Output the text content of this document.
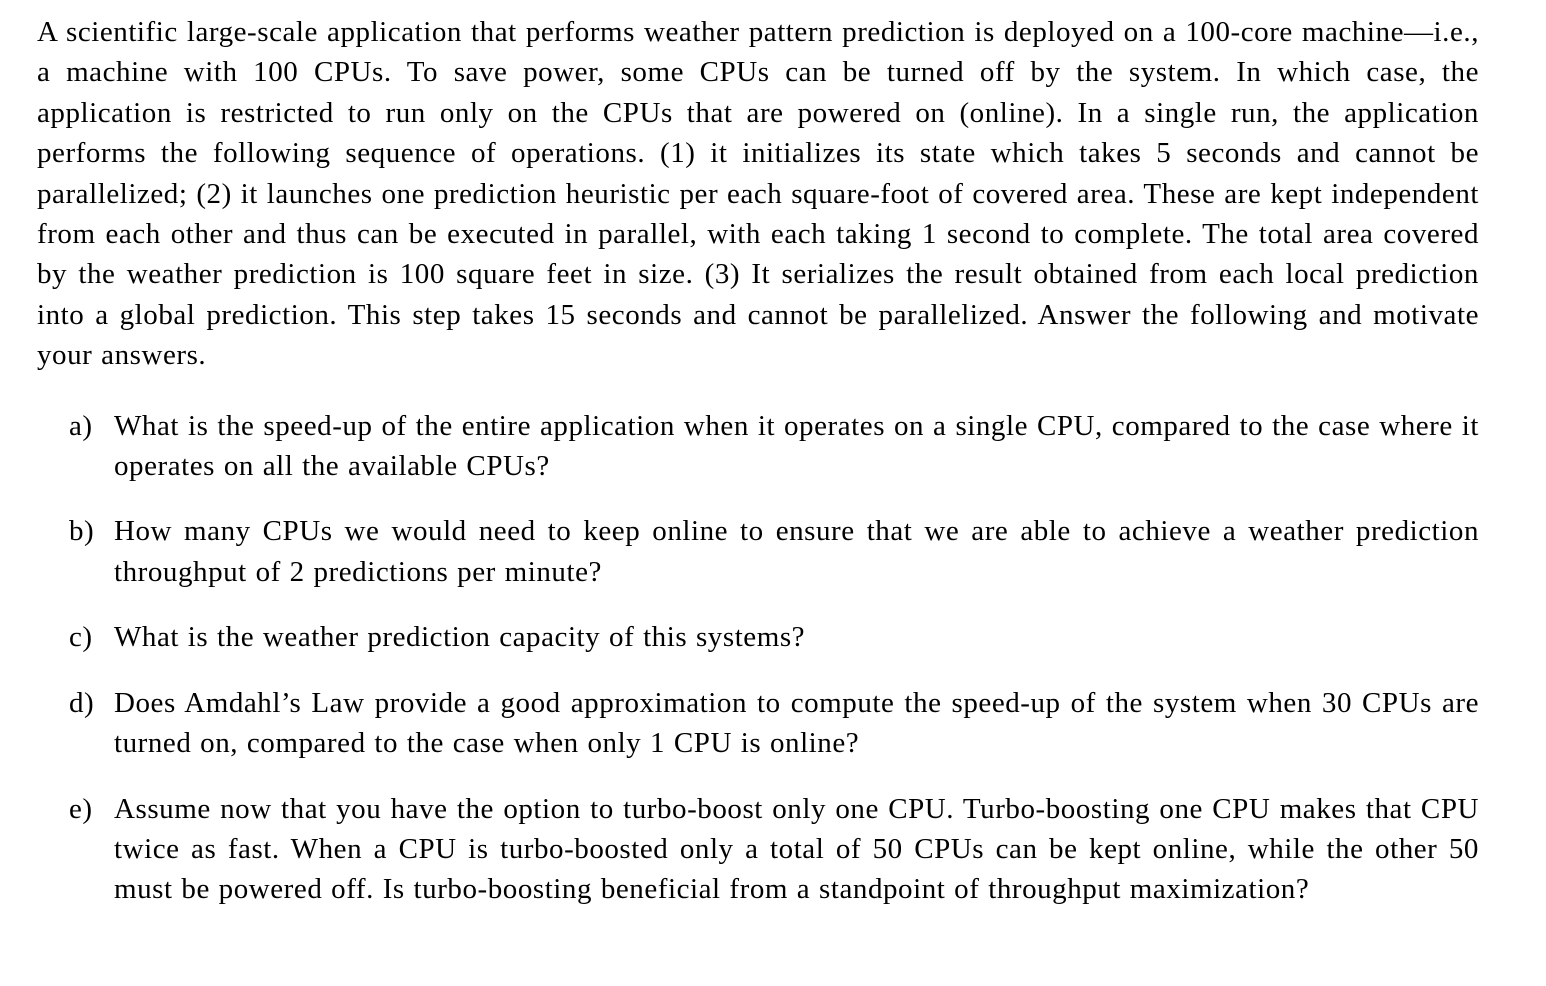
A scientific large-scale application that performs weather pattern prediction is deployed on a 100-core machine—i.e., a machine with 100 CPUs. To save power, some CPUs can be turned off by the system. In which case, the application is restricted to run only on the CPUs that are powered on (online). In a single run, the application performs the following sequence of operations. (1) it initializes its state which takes 5 seconds and cannot be parallelized; (2) it launches one prediction heuristic per each square-foot of covered area. These are kept independent from each other and thus can be executed in parallel, with each taking 1 second to complete. The total area covered by the weather prediction is 100 square feet in size. (3) It serializes the result obtained from each local prediction into a global prediction. This step takes 15 seconds and cannot be parallelized. Answer the following and motivate your answers.

a) What is the speed-up of the entire application when it operates on a single CPU, compared to the case where it operates on all the available CPUs?
b) How many CPUs we would need to keep online to ensure that we are able to achieve a weather prediction throughput of 2 predictions per minute?
c) What is the weather prediction capacity of this systems?
d) Does Amdahl’s Law provide a good approximation to compute the speed-up of the system when 30 CPUs are turned on, compared to the case when only 1 CPU is online?
e) Assume now that you have the option to turbo-boost only one CPU. Turbo-boosting one CPU makes that CPU twice as fast. When a CPU is turbo-boosted only a total of 50 CPUs can be kept online, while the other 50 must be powered off. Is turbo-boosting beneficial from a standpoint of throughput maximization?
